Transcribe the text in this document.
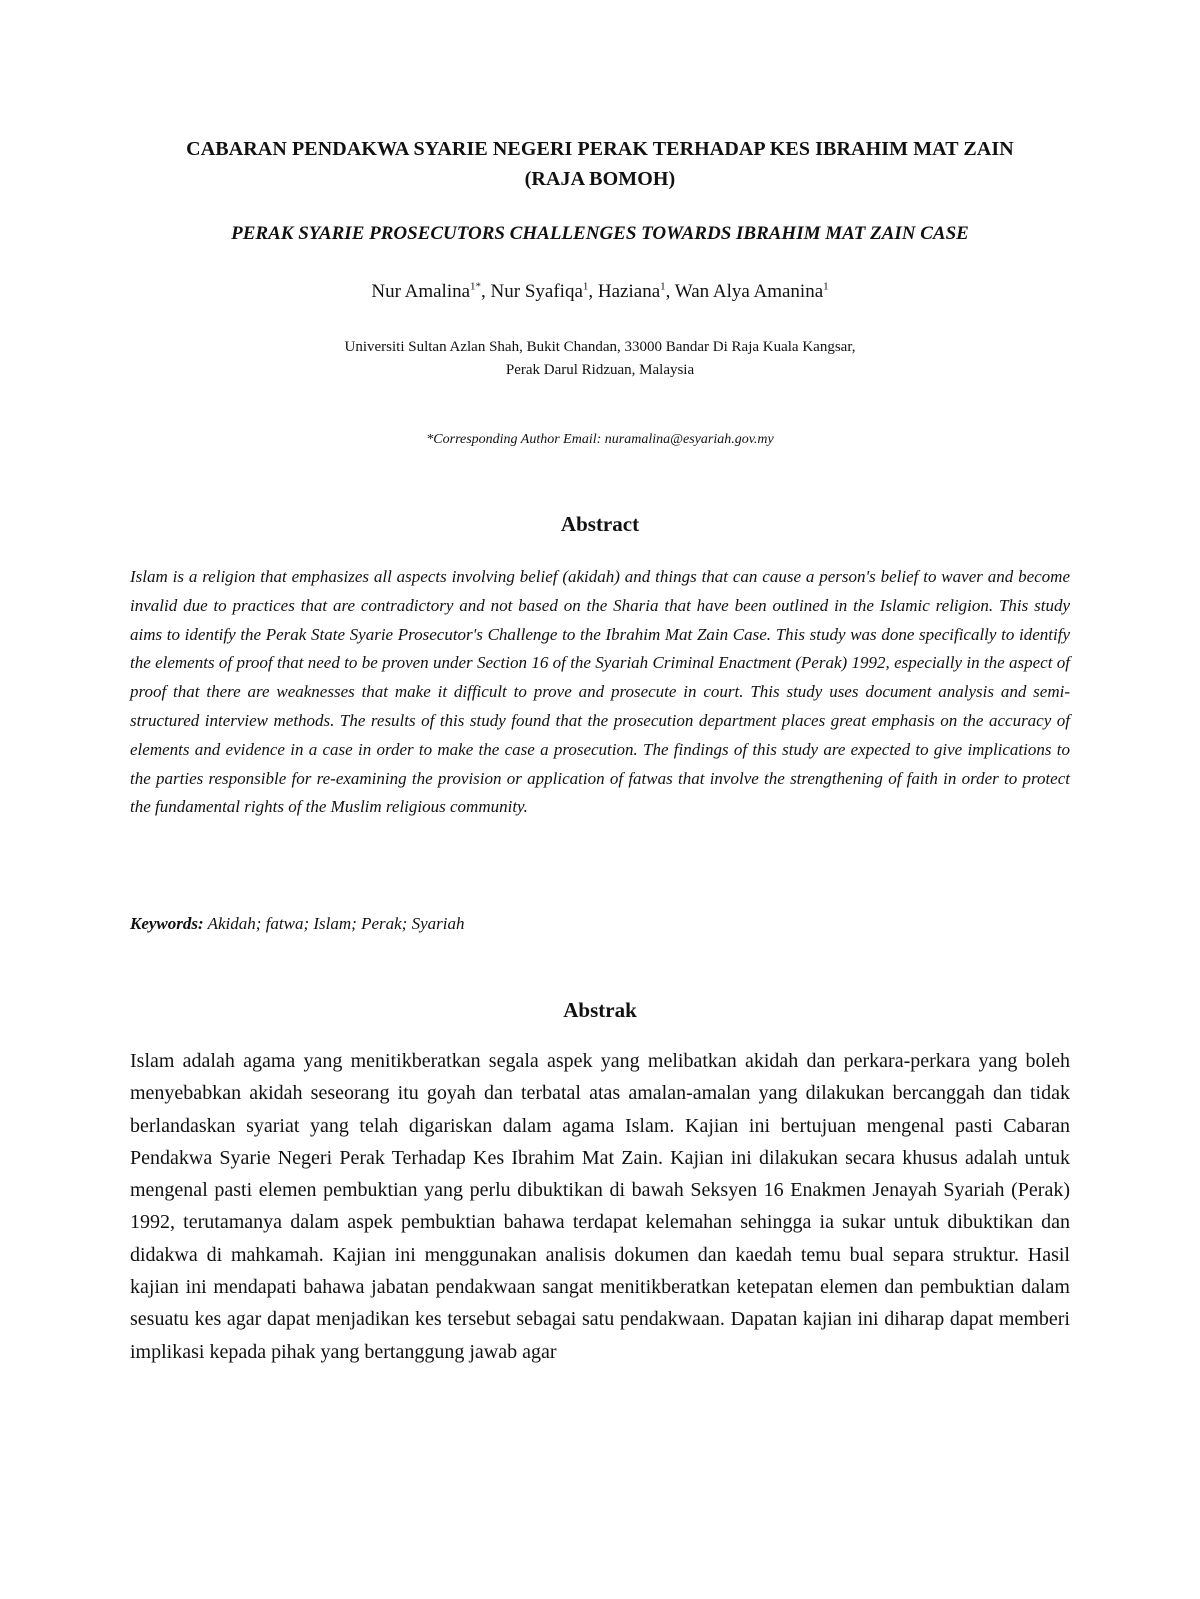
CABARAN PENDAKWA SYARIE NEGERI PERAK TERHADAP KES IBRAHIM MAT ZAIN
(RAJA BOMOH)
PERAK SYARIE PROSECUTORS CHALLENGES TOWARDS IBRAHIM MAT ZAIN CASE
Nur Amalina$^{1*}$, Nur Syafiqa$^1$, Haziana$^1$, Wan Alya Amanina$^1$
Universiti Sultan Azlan Shah, Bukit Chandan, 33000 Bandar Di Raja Kuala Kangsar,
Perak Darul Ridzuan, Malaysia
*Corresponding Author Email: nuramalina@esyariah.gov.my
Abstract
Islam is a religion that emphasizes all aspects involving belief (akidah) and things that can cause a person's belief to waver and become invalid due to practices that are contradictory and not based on the Sharia that have been outlined in the Islamic religion. This study aims to identify the Perak State Syarie Prosecutor's Challenge to the Ibrahim Mat Zain Case. This study was done specifically to identify the elements of proof that need to be proven under Section 16 of the Syariah Criminal Enactment (Perak) 1992, especially in the aspect of proof that there are weaknesses that make it difficult to prove and prosecute in court. This study uses document analysis and semi-structured interview methods. The results of this study found that the prosecution department places great emphasis on the accuracy of elements and evidence in a case in order to make the case a prosecution. The findings of this study are expected to give implications to the parties responsible for re-examining the provision or application of fatwas that involve the strengthening of faith in order to protect the fundamental rights of the Muslim religious community.
Keywords: Akidah; fatwa; Islam; Perak; Syariah
Abstrak
Islam adalah agama yang menitikberatkan segala aspek yang melibatkan akidah dan perkara-perkara yang boleh menyebabkan akidah seseorang itu goyah dan terbatal atas amalan-amalan yang dilakukan bercanggah dan tidak berlandaskan syariat yang telah digariskan dalam agama Islam. Kajian ini bertujuan mengenal pasti Cabaran Pendakwa Syarie Negeri Perak Terhadap Kes Ibrahim Mat Zain. Kajian ini dilakukan secara khusus adalah untuk mengenal pasti elemen pembuktian yang perlu dibuktikan di bawah Seksyen 16 Enakmen Jenayah Syariah (Perak) 1992, terutamanya dalam aspek pembuktian bahawa terdapat kelemahan sehingga ia sukar untuk dibuktikan dan didakwa di mahkamah. Kajian ini menggunakan analisis dokumen dan kaedah temu bual separa struktur. Hasil kajian ini mendapati bahawa jabatan pendakwaan sangat menitikberatkan ketepatan elemen dan pembuktian dalam sesuatu kes agar dapat menjadikan kes tersebut sebagai satu pendakwaan. Dapatan kajian ini diharap dapat memberi implikasi kepada pihak yang bertanggung jawab agar
